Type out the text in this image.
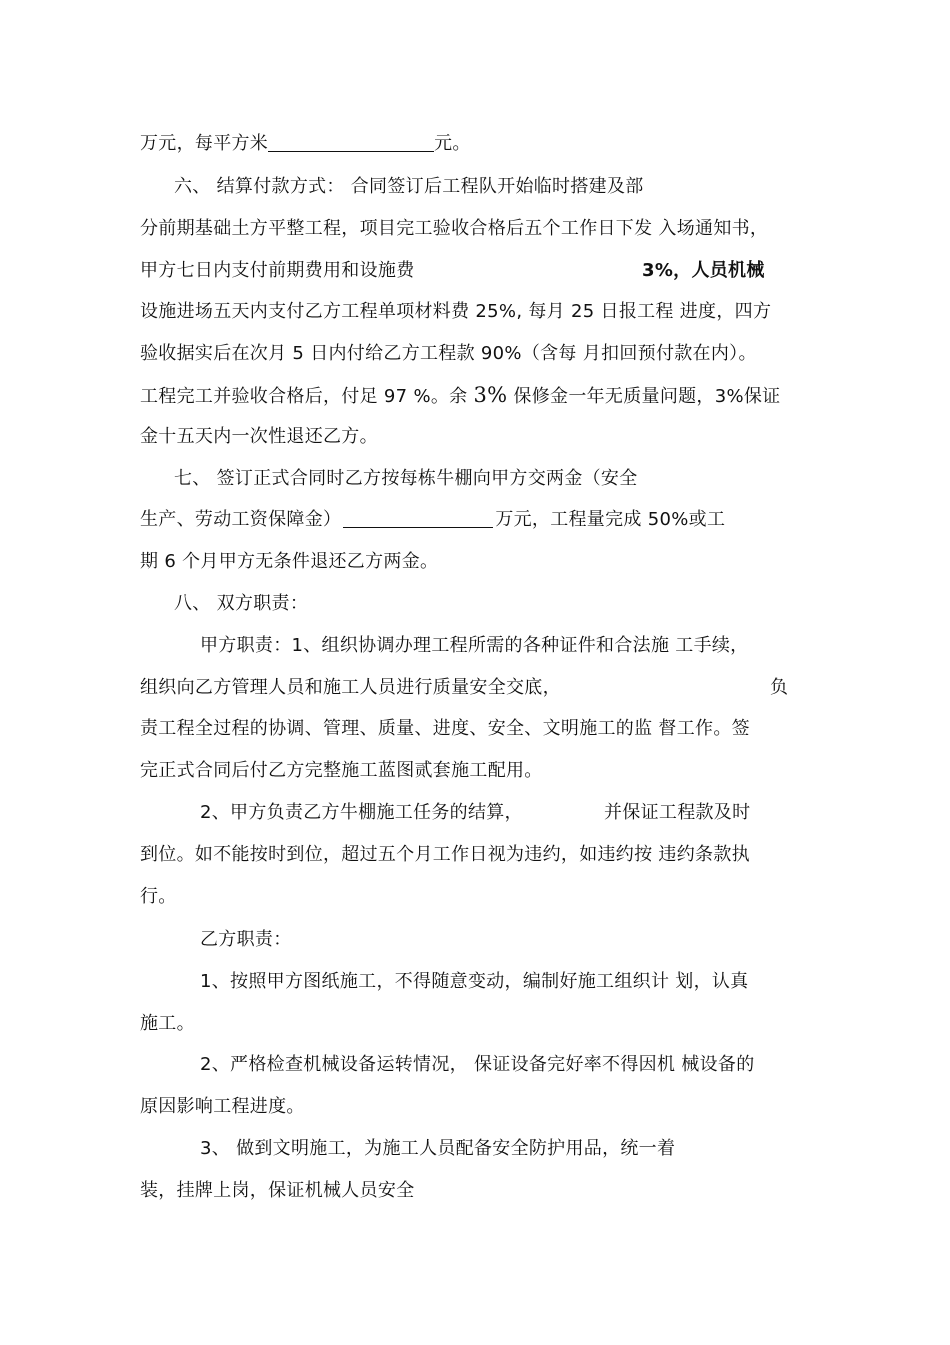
万元，每平方米	元。
六、 结算付款方式： 合同签订后工程队开始临时搭建及部
分前期基础土方平整工程，项目完工验收合格后五个工作日下发 入场通知书，
甲方七日内支付前期费用和设施费	3%，人员机械
设施进场五天内支付乙方工程单项材料费 25%, 每月 25 日报工程 进度，四方
验收据实后在次月 5 日内付给乙方工程款 90%（含每 月扣回预付款在内）。
工程完工并验收合格后，付足 97 %。余 3% 保修金一年无质量问题，3%保证
金十五天内一次性退还乙方。
七、 签订正式合同时乙方按每栋牛棚向甲方交两金（安全
生产、劳动工资保障金）	万元，工程量完成 50%或工
期 6 个月甲方无条件退还乙方两金。
八、 双方职责：
甲方职责：1、组织协调办理工程所需的各种证件和合法施 工手续，
组织向乙方管理人员和施工人员进行质量安全交底，	负
责工程全过程的协调、管理、质量、进度、安全、文明施工的监 督工作。签
完正式合同后付乙方完整施工蓝图贰套施工配用。
2、甲方负责乙方牛棚施工任务的结算，	并保证工程款及时
到位。如不能按时到位，超过五个月工作日视为违约，如违约按 违约条款执
行。
乙方职责：
1、按照甲方图纸施工，不得随意变动，编制好施工组织计 划，认真
施工。
2、严格检查机械设备运转情况， 保证设备完好率不得因机 械设备的
原因影响工程进度。
3、 做到文明施工，为施工人员配备安全防护用品，统一着
装，挂牌上岗，保证机械人员安全
